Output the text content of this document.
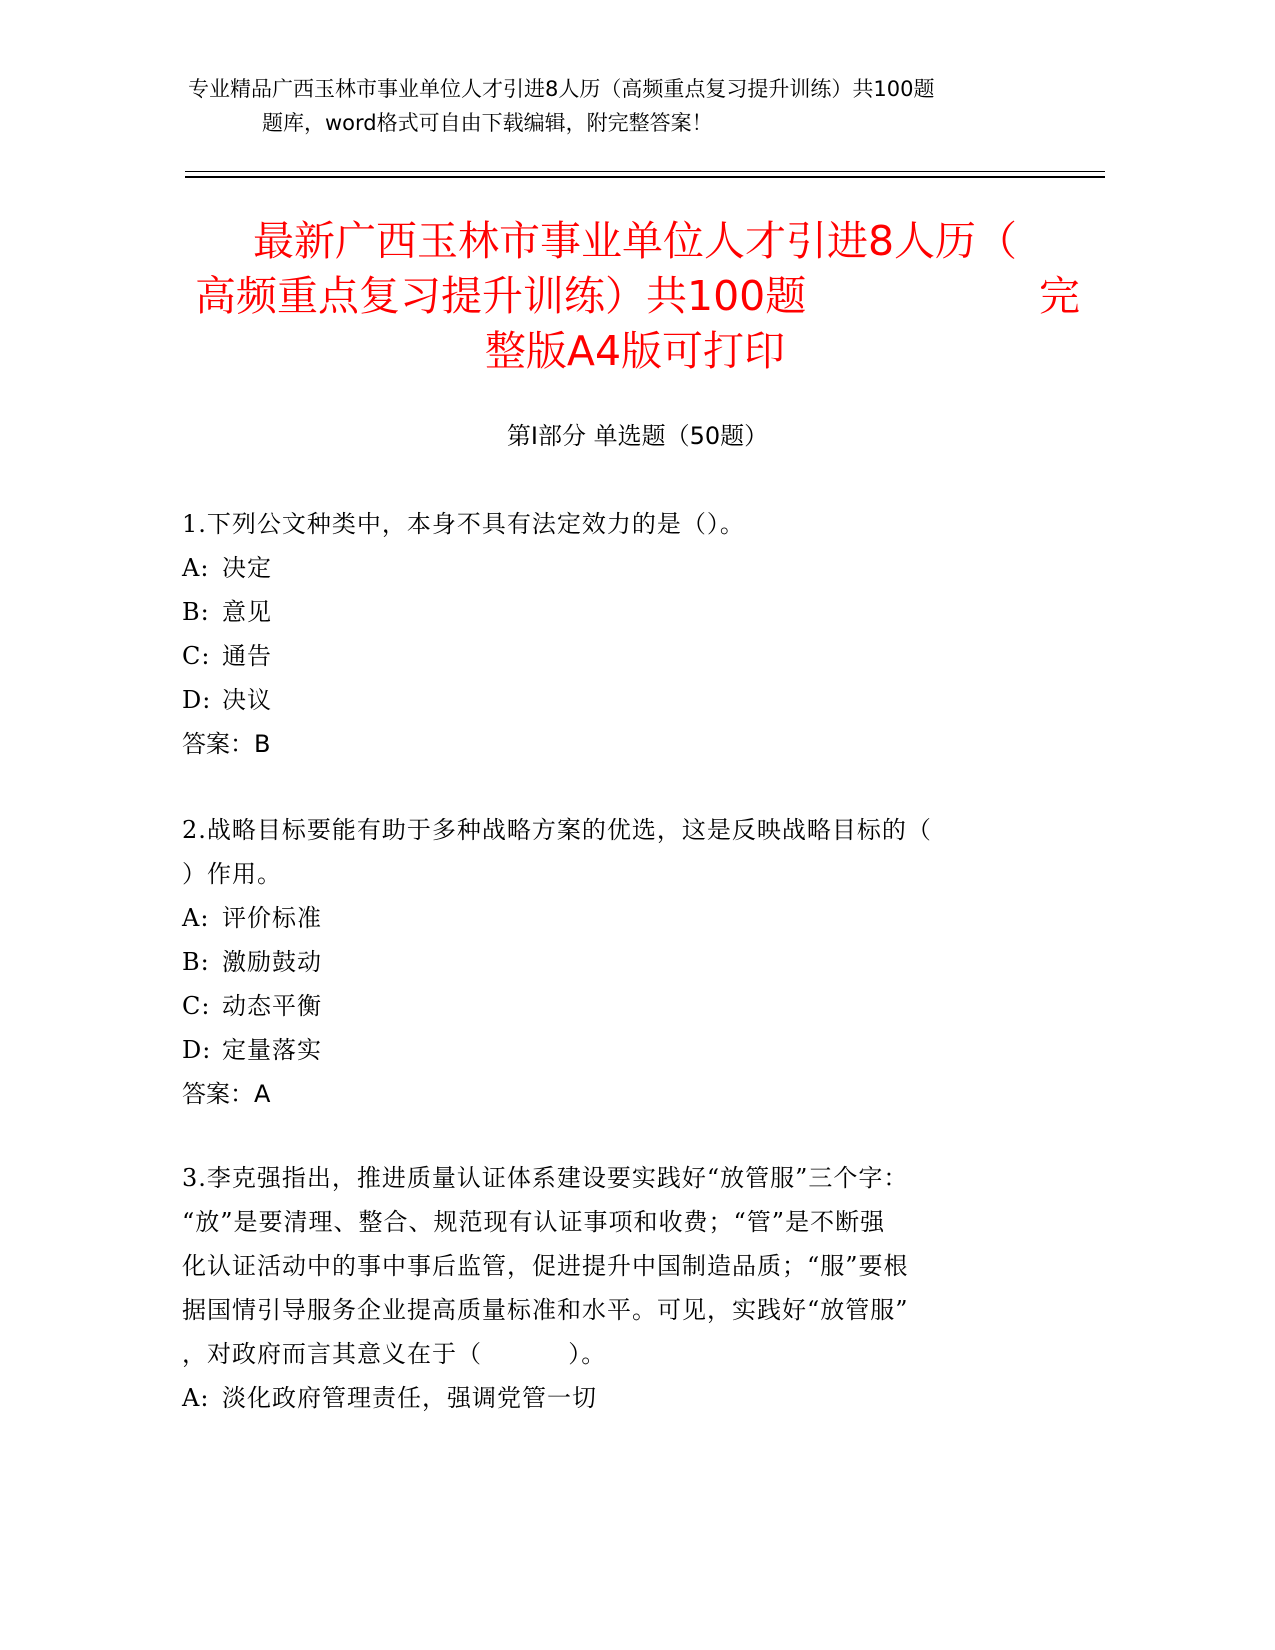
专业精品广西玉林市事业单位人才引进8人历（高频重点复习提升训练）共100题
题库，word格式可自由下载编辑，附完整答案！
最新广西玉林市事业单位人才引进8人历（
高频重点复习提升训练）共100题	完
整版A4版可打印
第Ⅰ部分 单选题（50题）
1.下列公文种类中，本身不具有法定效力的是（）。
A: 决定
B: 意见
C: 通告
D: 决议
答案：B
2.战略目标要能有助于多种战略方案的优选，这是反映战略目标的（
）作用。
A: 评价标准
B: 激励鼓动
C: 动态平衡
D: 定量落实
答案：A
3.李克强指出，推进质量认证体系建设要实践好“放管服”三个字：
“放”是要清理、整合、规范现有认证事项和收费；“管”是不断强
化认证活动中的事中事后监管，促进提升中国制造品质；“服”要根
据国情引导服务企业提高质量标准和水平。可见，实践好“放管服”
，对政府而言其意义在于（          ）。
A: 淡化政府管理责任，强调党管一切
